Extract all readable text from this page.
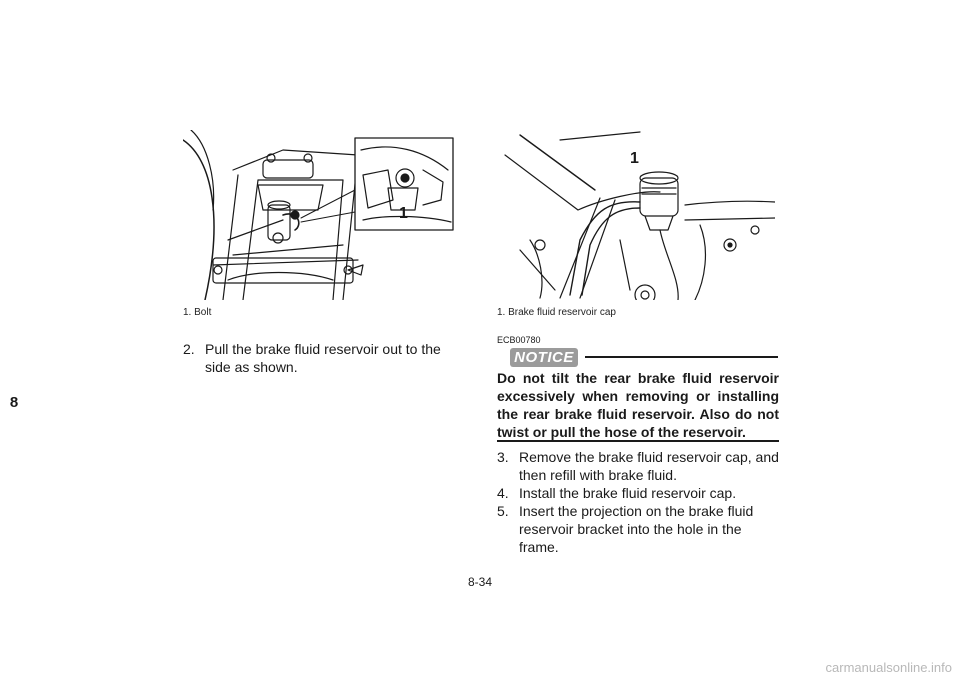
8
1
1. Bolt
2. Pull the brake fluid reservoir out to the side as shown.
1
1. Brake fluid reservoir cap
ECB00780
NOTICE
Do not tilt the rear brake fluid reservoir excessively when removing or installing the rear brake fluid reservoir. Also do not twist or pull the hose of the reservoir.
3. Remove the brake fluid reservoir cap, and then refill with brake fluid.
4. Install the brake fluid reservoir cap.
5. Insert the projection on the brake fluid reservoir bracket into the hole in the frame.
8-34
carmanualsonline.info
